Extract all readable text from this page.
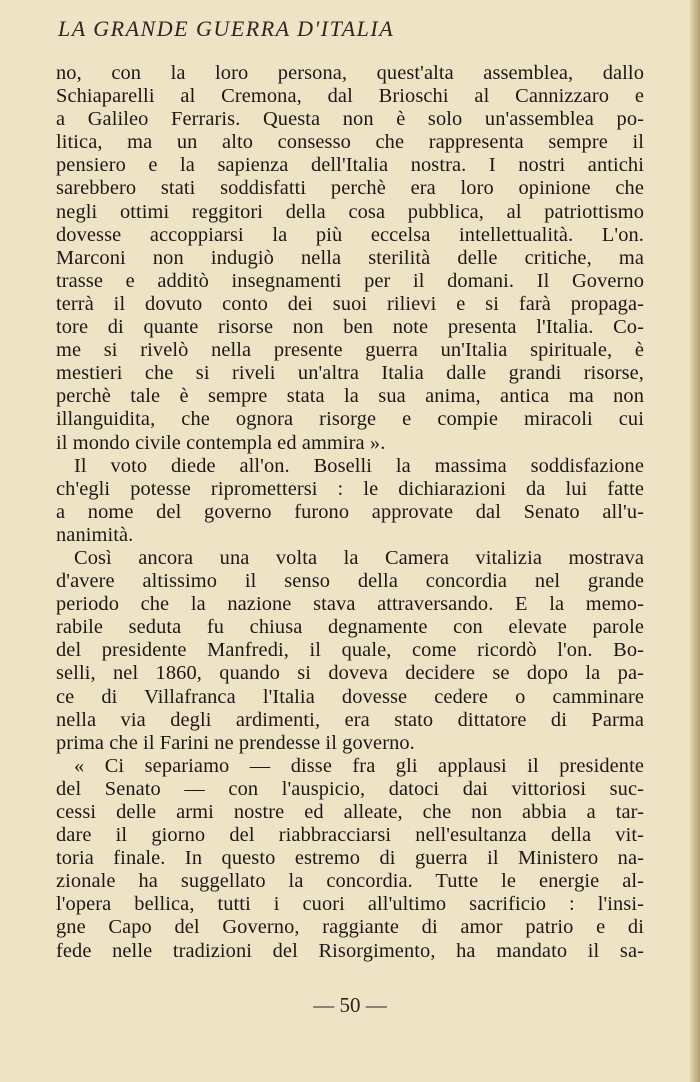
LA GRANDE GUERRA D'ITALIA
no, con la loro persona, quest'alta assemblea, dallo
Schiaparelli al Cremona, dal Brioschi al Cannizzaro e
a Galileo Ferraris. Questa non è solo un'assemblea po-
litica, ma un alto consesso che rappresenta sempre il
pensiero e la sapienza dell'Italia nostra. I nostri antichi
sarebbero stati soddisfatti perchè era loro opinione che
negli ottimi reggitori della cosa pubblica, al patriottismo
dovesse accoppiarsi la più eccelsa intellettualità. L'on.
Marconi non indugiò nella sterilità delle critiche, ma
trasse e additò insegnamenti per il domani. Il Governo
terrà il dovuto conto dei suoi rilievi e si farà propaga-
tore di quante risorse non ben note presenta l'Italia. Co-
me si rivelò nella presente guerra un'Italia spirituale, è
mestieri che si riveli un'altra Italia dalle grandi risorse,
perchè tale è sempre stata la sua anima, antica ma non
illanguidita, che ognora risorge e compie miracoli cui
il mondo civile contempla ed ammira ».
Il voto diede all'on. Boselli la massima soddisfazione
ch'egli potesse ripromettersi : le dichiarazioni da lui fatte
a nome del governo furono approvate dal Senato all'u-
nanimità.
Così ancora una volta la Camera vitalizia mostrava
d'avere altissimo il senso della concordia nel grande
periodo che la nazione stava attraversando. E la memo-
rabile seduta fu chiusa degnamente con elevate parole
del presidente Manfredi, il quale, come ricordò l'on. Bo-
selli, nel 1860, quando si doveva decidere se dopo la pa-
ce di Villafranca l'Italia dovesse cedere o camminare
nella via degli ardimenti, era stato dittatore di Parma
prima che il Farini ne prendesse il governo.
« Ci separiamo — disse fra gli applausi il presidente
del Senato — con l'auspicio, datoci dai vittoriosi suc-
cessi delle armi nostre ed alleate, che non abbia a tar-
dare il giorno del riabbracciarsi nell'esultanza della vit-
toria finale. In questo estremo di guerra il Ministero na-
zionale ha suggellato la concordia. Tutte le energie al-
l'opera bellica, tutti i cuori all'ultimo sacrificio : l'insi-
gne Capo del Governo, raggiante di amor patrio e di
fede nelle tradizioni del Risorgimento, ha mandato il sa-
— 50 —
